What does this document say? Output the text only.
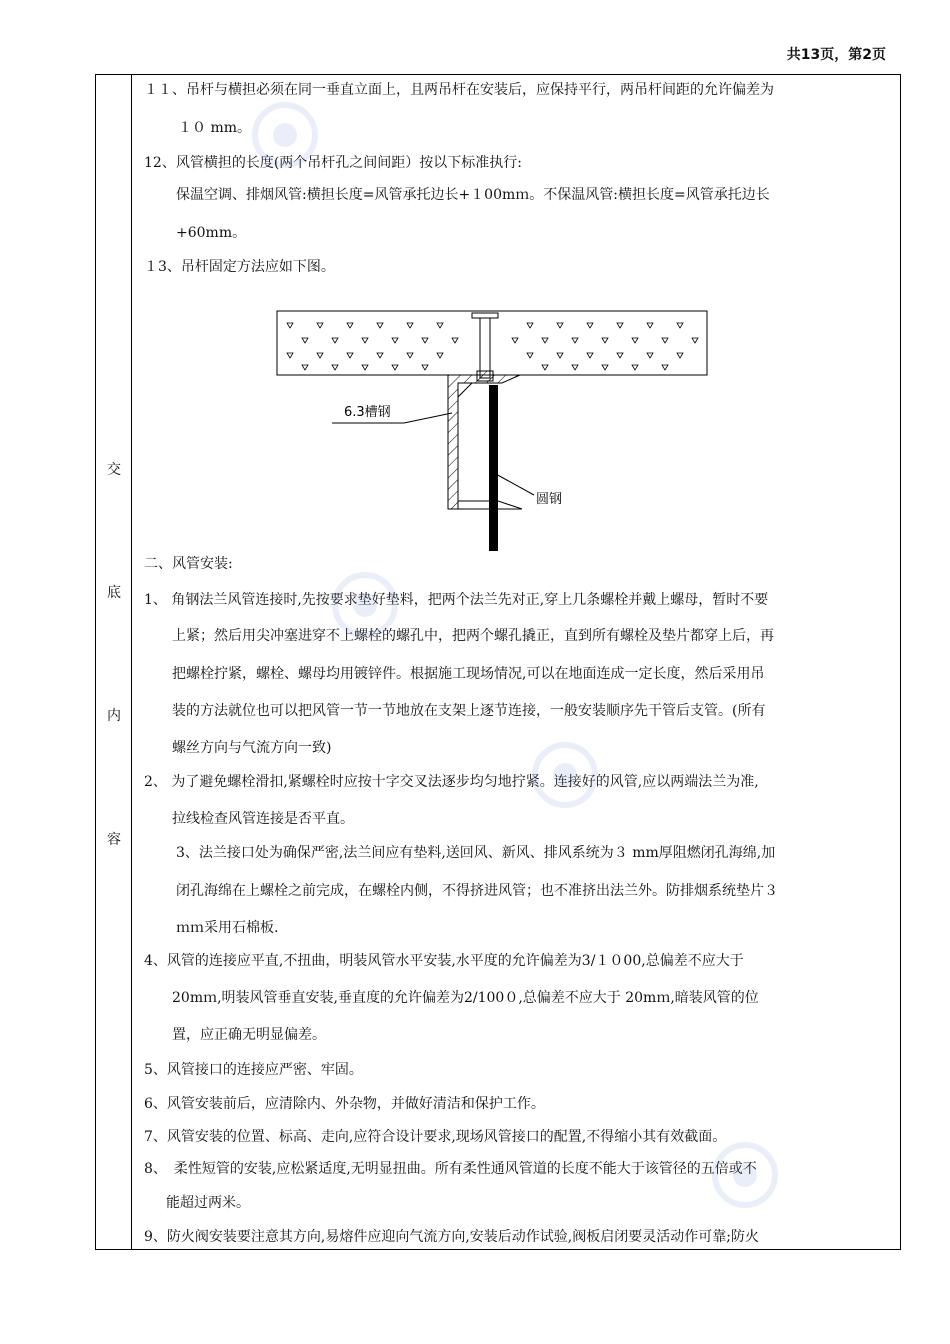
共13页，第2页
交
底
内
容
１１、吊杆与横担必须在同一垂直立面上，且两吊杆在安装后，应保持平行，两吊杆间距的允许偏差为
１０ mm。
12、风管横担的长度(两个吊杆孔之间间距）按以下标准执行:
保温空调、排烟风管:横担长度=风管承托边长+１00mｍ。不保温风管:横担长度=风管承托边长
+60mm。
１3、吊杆固定方法应如下图。
6.3槽钢
圆钢
二、风管安装:
1、 角钢法兰风管连接时,先按要求垫好垫料，把两个法兰先对正,穿上几条螺栓并戴上螺母，暂时不要
上紧；然后用尖冲塞进穿不上螺栓的螺孔中，把两个螺孔撬正，直到所有螺栓及垫片都穿上后，再
把螺栓拧紧，螺栓、螺母均用镀锌件。根据施工现场情况,可以在地面连成一定长度，然后采用吊
装的方法就位也可以把风管一节一节地放在支架上逐节连接，一般安装顺序先干管后支管。(所有
螺丝方向与气流方向一致)
2、 为了避免螺栓滑扣,紧螺栓时应按十字交叉法逐步均匀地拧紧。连接好的风管,应以两端法兰为准,
拉线检查风管连接是否平直。
3、法兰接口处为确保严密,法兰间应有垫料,送回风、新风、排风系统为３ mm厚阻燃闭孔海绵,加
闭孔海绵在上螺栓之前完成，在螺栓内侧，不得挤进风管；也不准挤出法兰外。防排烟系统垫片３
ｍｍ采用石棉板.
4、风管的连接应平直,不扭曲，明装风管水平安装,水平度的允许偏差为3/１０00,总偏差不应大于
20mｍ,明装风管垂直安装,垂直度的允许偏差为2/100０,总偏差不应大于 20mｍ,暗装风管的位
置，应正确无明显偏差。
5、风管接口的连接应严密、牢固。
6、风管安装前后，应清除内、外杂物，并做好清洁和保护工作。
7、风管安装的位置、标高、走向,应符合设计要求,现场风管接口的配置,不得缩小其有效截面。
8、　柔性短管的安装,应松紧适度,无明显扭曲。所有柔性通风管道的长度不能大于该管径的五倍或不
能超过两米。
9、防火阀安装要注意其方向,易熔件应迎向气流方向,安装后动作试验,阀板启闭要灵活动作可靠;防火
